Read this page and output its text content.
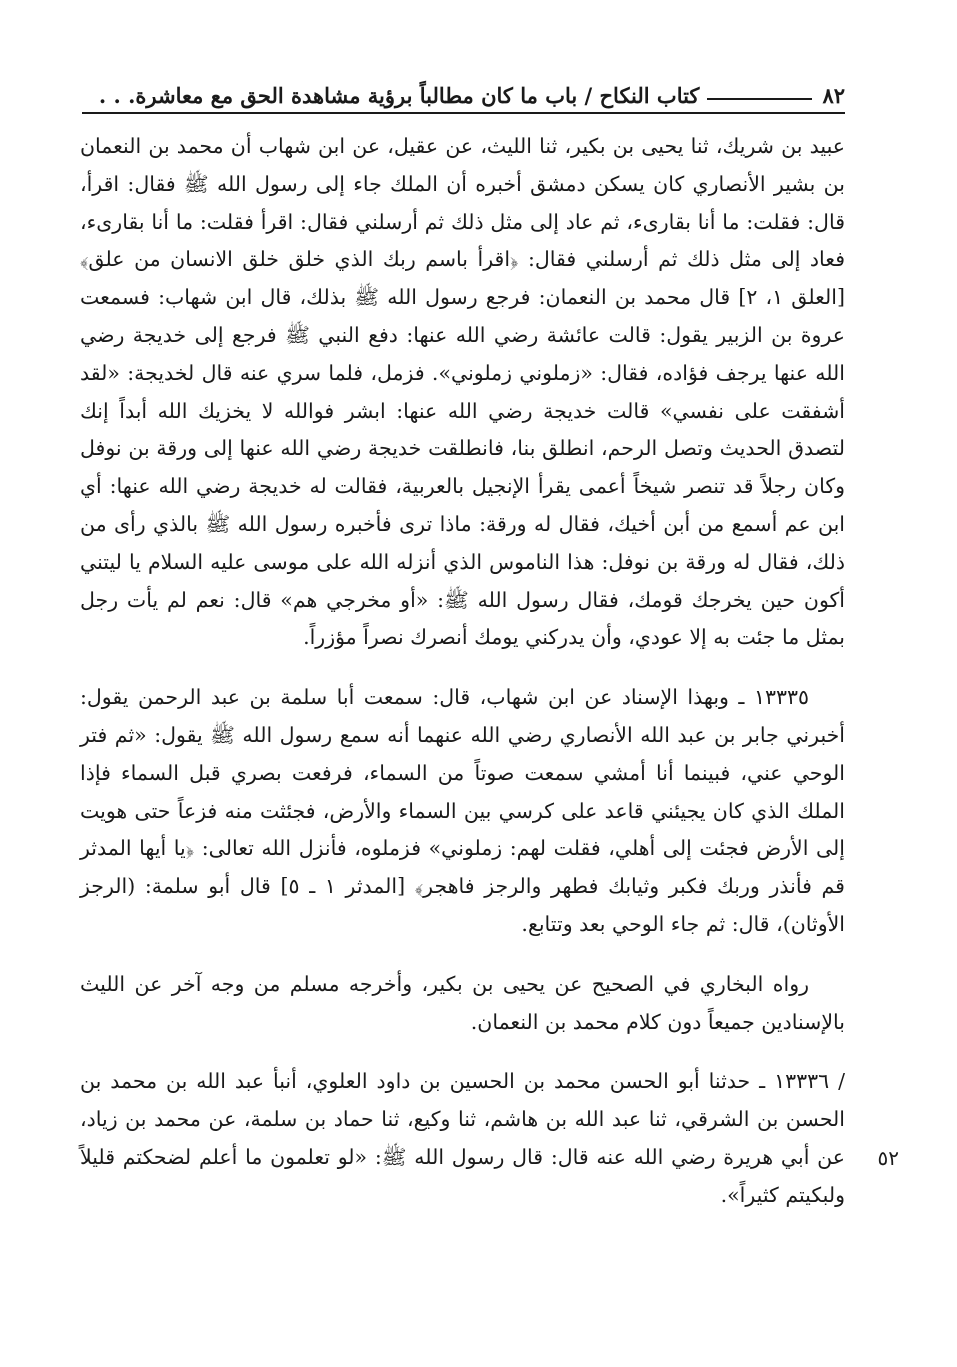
٨٢
كتاب النكاح / باب ما كان مطالباً برؤية مشاهدة الحق مع معاشرة. . .
٥٢

عبيد بن شريك، ثنا يحيى بن بكير، ثنا الليث، عن عقيل، عن ابن شهاب أن محمد بن النعمان بن بشير الأنصاري كان يسكن دمشق أخبره أن الملك جاء إلى رسول الله ﷺ فقال: اقرأ، قال: فقلت: ما أنا بقارىء، ثم عاد إلى مثل ذلك ثم أرسلني فقال: اقرأ فقلت: ما أنا بقارىء، فعاد إلى مثل ذلك ثم أرسلني فقال: ﴿اقرأ باسم ربك الذي خلق خلق الانسان من علق﴾ [العلق ١، ٢] قال محمد بن النعمان: فرجع رسول الله ﷺ بذلك، قال ابن شهاب: فسمعت عروة بن الزبير يقول: قالت عائشة رضي الله عنها: دفع النبي ﷺ فرجع إلى خديجة رضي الله عنها يرجف فؤاده، فقال: «زملوني زملوني». فزمل، فلما سري عنه قال لخديجة: «لقد أشفقت على نفسي» قالت خديجة رضي الله عنها: ابشر فوالله لا يخزيك الله أبداً إنك لتصدق الحديث وتصل الرحم، انطلق بنا، فانطلقت خديجة رضي الله عنها إلى ورقة بن نوفل وكان رجلاً قد تنصر شيخاً أعمى يقرأ الإنجيل بالعربية، فقالت له خديجة رضي الله عنها: أي ابن عم أسمع من أبن أخيك، فقال له ورقة: ماذا ترى فأخبره رسول الله ﷺ بالذي رأى من ذلك، فقال له ورقة بن نوفل: هذا الناموس الذي أنزله الله على موسى عليه السلام يا ليتني أكون حين يخرجك قومك، فقال رسول الله ﷺ: «أو مخرجي هم» قال: نعم لم يأت رجل بمثل ما جئت به إلا عودي، وأن يدركني يومك أنصرك نصراً مؤزراً.

١٣٣٣٥ ـ وبهذا الإسناد عن ابن شهاب، قال: سمعت أبا سلمة بن عبد الرحمن يقول: أخبرني جابر بن عبد الله الأنصاري رضي الله عنهما أنه سمع رسول الله ﷺ يقول: «ثم فتر الوحي عني، فبينما أنا أمشي سمعت صوتاً من السماء، فرفعت بصري قبل السماء فإذا الملك الذي كان يجيئني قاعد على كرسي بين السماء والأرض، فجئثت منه فزعاً حتى هويت إلى الأرض فجئت إلى أهلي، فقلت لهم: زملوني» فزملوه، فأنزل الله تعالى: ﴿يا أيها المدثر قم فأنذر وربك فكبر وثيابك فطهر والرجز فاهجر﴾ [المدثر ١ ـ ٥] قال أبو سلمة: (الرجز الأوثان)، قال: ثم جاء الوحي بعد وتتابع.

رواه البخاري في الصحيح عن يحيى بن بكير، وأخرجه مسلم من وجه آخر عن الليث بالإسنادين جميعاً دون كلام محمد بن النعمان.

/ ١٣٣٣٦ ـ حدثنا أبو الحسن محمد بن الحسين بن داود العلوي، أنبأ عبد الله بن محمد بن الحسن بن الشرقي، ثنا عبد الله بن هاشم، ثنا وكيع، ثنا حماد بن سلمة، عن محمد بن زياد، عن أبي هريرة رضي الله عنه قال: قال رسول الله ﷺ: «لو تعلمون ما أعلم لضحكتم قليلاً ولبكيتم كثيراً».
